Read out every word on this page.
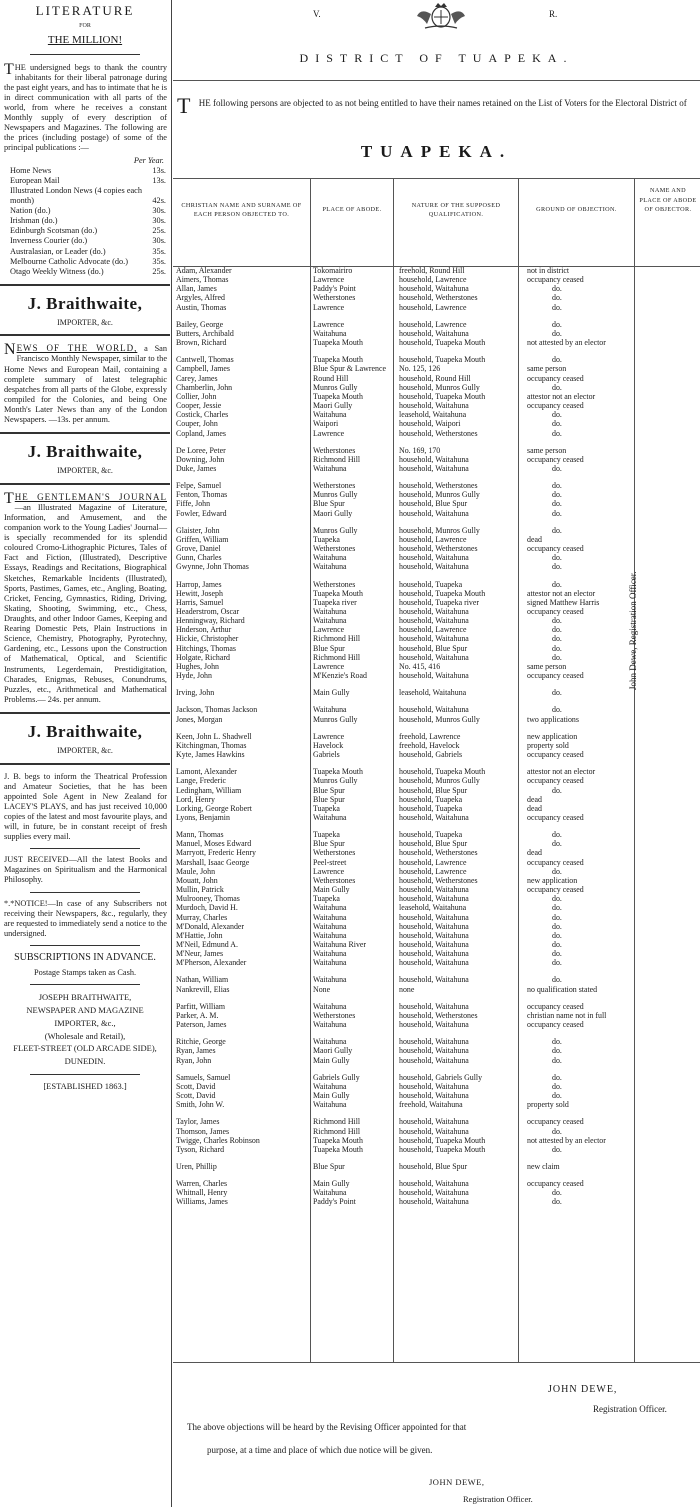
LITERATURE
FOR
THE MILLION!
THE undersigned begs to thank the country inhabitants for their liberal patronage during the past eight years, and has to intimate that he is in direct communication with all parts of the world, from where he receives a constant Monthly supply of every description of Newspapers and Magazines. The following are the prices (including postage) of some of the principal publications :—
Per Year.
Home News	13s.
European Mail	13s.
Illustrated London News (4 copies each month)	42s.
Nation (do.)	30s.
Irishman (do.)	30s.
Edinburgh Scotsman (do.)	25s.
Inverness Courier (do.)	30s.
Australasian, or Leader (do.)	35s.
Melbourne Catholic Advocate (do.)	35s.
Otago Weekly Witness (do.)	25s.
J. Braithwaite,
IMPORTER, &c.
NEWS OF THE WORLD, a San Francisco Monthly Newspaper, similar to the Home News and European Mail, containing a complete summary of latest telegraphic despatches from all parts of the Globe, expressly compiled for the Colonies, and being One Month's Later News than any of the London Newspapers. —13s. per annum.
J. Braithwaite,
IMPORTER, &c.
THE GENTLEMAN'S JOURNAL —an Illustrated Magazine of Literature, Information, and Amusement, and the companion work to the Young Ladies' Journal—is specially recommended for its splendid coloured Cromo-Lithographic Pictures, Tales of Fact and Fiction, (Illustrated), Descriptive Essays, Readings and Recitations, Biographical Sketches, Remarkable Incidents (Illustrated), Sports, Pastimes, Games, etc., Angling, Boating, Cricket, Fencing, Gymnastics, Riding, Driving, Skating, Shooting, Swimming, etc., Chess, Draughts, and other Indoor Games, Keeping and Rearing Domestic Pets, Plain Instructions in Science, Chemistry, Photography, Pyrotechny, Gardening, etc., Lessons upon the Construction of Mathematical, Optical, and Scientific Instruments, Legerdemain, Prestidigitation, Charades, Enigmas, Rebuses, Conundrums, Puzzles, etc., Arithmetical and Mathematical Problems.— 24s. per annum.
J. Braithwaite,
IMPORTER, &c.
J. B. begs to inform the Theatrical Profession and Amateur Societies, that he has been appointed Sole Agent in New Zealand for LACEY'S PLAYS, and has just received 10,000 copies of the latest and most favourite plays, and will, in future, be in constant receipt of fresh supplies every mail.
JUST RECEIVED—All the latest Books and Magazines on Spiritualism and the Harmonical Philosophy.
*.*NOTICE!—In case of any Subscribers not receiving their Newspapers, &c., regularly, they are requested to immediately send a notice to the undersigned.
SUBSCRIPTIONS IN ADVANCE.
Postage Stamps taken as Cash.
JOSEPH BRAITHWAITE,
NEWSPAPER AND MAGAZINE
IMPORTER, &c.,
(Wholesale and Retail),
FLEET-STREET (OLD ARCADE SIDE),
DUNEDIN.
[ESTABLISHED 1863.]
V.	R.
DISTRICT OF TUAPEKA.
THE following persons are objected to as not being entitled to have their names retained on the List of Voters for the Electoral District of
TUAPEKA.
CHRISTIAN NAME AND SURNAME OF EACH PERSON OBJECTED TO.
PLACE OF ABODE.
NATURE OF THE SUPPOSED QUALIFICATION.
GROUND OF OBJECTION.
NAME AND PLACE OF ABODE OF OBJECTOR.
Adam, Alexander	Tokomairiro	freehold, Round Hill	not in district
Aimers, Thomas	Lawrence	household, Lawrence	occupancy ceased
Allan, James	Paddy's Point	household, Waitahuna	do.
Argyles, Alfred	Wetherstones	household, Wetherstones	do.
Austin, Thomas	Lawrence	household, Lawrence	do.
Bailey, George	Lawrence	household, Lawrence	do.
Butters, Archibald	Waitahuna	household, Waitahuna	do.
Brown, Richard	Tuapeka Mouth	household, Tuapeka Mouth	not attested by an elector
Cantwell, Thomas	Tuapeka Mouth	household, Tuapeka Mouth	do.
Campbell, James	Blue Spur & Lawrence	No. 125, 126	same person
Carey, James	Round Hill	household, Round Hill	occupancy ceased
Chamberlin, John	Munros Gully	household, Munros Gully	do.
Collier, John	Tuapeka Mouth	household, Tuapeka Mouth	attestor not an elector
Cooper, Jessie	Maori Gully	household, Waitahuna	occupancy ceased
Costick, Charles	Waitahuna	leasehold, Waitahuna	do.
Couper, John	Waipori	household, Waipori	do.
Copland, James	Lawrence	household, Wetherstones	do.
De Loree, Peter	Wetherstones	No. 169, 170	same person
Downing, John	Richmond Hill	household, Waitahuna	occupancy ceased
Duke, James	Waitahuna	household, Waitahuna	do.
Felpe, Samuel	Wetherstones	household, Wetherstones	do.
Fenton, Thomas	Munros Gully	household, Munros Gully	do.
Fiffe, John	Blue Spur	household, Blue Spur	do.
Fowler, Edward	Maori Gully	household, Waitahuna	do.
Glaister, John	Munros Gully	household, Munros Gully	do.
Griffen, William	Tuapeka	household, Lawrence	dead
Grove, Daniel	Wetherstones	household, Wetherstones	occupancy ceased
Gunn, Charles	Waitahuna	household, Waitahuna	do.
Gwynne, John Thomas	Waitahuna	household, Waitahuna	do.
Harrop, James	Wetherstones	household, Tuapeka	do.
Hewitt, Joseph	Tuapeka Mouth	household, Tuapeka Mouth	attestor not an elector
Harris, Samuel	Tuapeka river	household, Tuapeka river	signed Matthew Harris
Headerstrom, Oscar	Waitahuna	household, Waitahuna	occupancy ceased
Henningway, Richard	Waitahuna	household, Waitahuna	do.
Hnderson, Arthur	Lawrence	household, Lawrence	do.
Hickie, Christopher	Richmond Hill	household, Waitahuna	do.
Hitchings, Thomas	Blue Spur	household, Blue Spur	do.
Holgate, Richard	Richmond Hill	household, Waitahuna	do.
Hughes, John	Lawrence	No. 415, 416	same person
Hyde, John	M'Kenzie's Road	household, Waitahuna	occupancy ceased
Irving, John	Main Gully	leasehold, Waitahuna	do.
Jackson, Thomas Jackson	Waitahuna	household, Waitahuna	do.
Jones, Morgan	Munros Gully	household, Munros Gully	two applications
Keen, John L. Shadwell	Lawrence	freehold, Lawrence	new application
Kitchingman, Thomas	Havelock	freehold, Havelock	property sold
Kyte, James Hawkins	Gabriels	household, Gabriels	occupancy ceased
Lamont, Alexander	Tuapeka Mouth	household, Tuapeka Mouth	attestor not an elector
Lange, Frederic	Munros Gully	household, Munros Gully	occupancy ceased
Ledingham, William	Blue Spur	household, Blue Spur	do.
Lord, Henry	Blue Spur	household, Tuapeka	dead
Lorking, George Robert	Tuapeka	household, Tuapeka	dead
Lyons, Benjamin	Waitahuna	household, Waitahuna	occupancy ceased
Mann, Thomas	Tuapeka	household, Tuapeka	do.
Manuel, Moses Edward	Blue Spur	household, Blue Spur	do.
Marryott, Frederic Henry	Wetherstones	household, Wetherstones	dead
Marshall, Isaac George	Peel-street	household, Lawrence	occupancy ceased
Maule, John	Lawrence	household, Lawrence	do.
Mouatt, John	Wetherstones	household, Wetherstones	new application
Mullin, Patrick	Main Gully	household, Waitahuna	occupancy ceased
Mulrooney, Thomas	Tuapeka	household, Waitahuna	do.
Murdoch, David H.	Waitahuna	leasehold, Waitahuna	do.
Murray, Charles	Waitahuna	household, Waitahuna	do.
M'Donald, Alexander	Waitahuna	household, Waitahuna	do.
M'Hattie, John	Waitahuna	household, Waitahuna	do.
M'Neil, Edmund A.	Waitahuna River	household, Waitahuna	do.
M'Neur, James	Waitahuna	household, Waitahuna	do.
M'Pherson, Alexander	Waitahuna	household, Waitahuna	do.
Nathan, William	Waitahuna	household, Waitahuna	do.
Nankrevill, Elias	None	none	no qualification stated
Parfitt, William	Waitahuna	household, Waitahuna	occupancy ceased
Parker, A. M.	Wetherstones	household, Wetherstones	christian name not in full
Paterson, James	Waitahuna	household, Waitahuna	occupancy ceased
Ritchie, George	Waitahuna	household, Waitahuna	do.
Ryan, James	Maori Gully	household, Waitahuna	do.
Ryan, John	Main Gully	household, Waitahuna	do.
Samuels, Samuel	Gabriels Gully	household, Gabriels Gully	do.
Scott, David	Waitahuna	household, Waitahuna	do.
Scott, David	Main Gully	household, Waitahuna	do.
Smith, John W.	Waitahuna	freehold, Waitahuna	property sold
Taylor, James	Richmond Hill	household, Waitahuna	occupancy ceased
Thomson, James	Richmond Hill	household, Waitahuna	do.
Twigge, Charles Robinson	Tuapeka Mouth	household, Tuapeka Mouth	not attested by an elector
Tyson, Richard	Tuapeka Mouth	household, Tuapeka Mouth	do.
Uren, Phillip	Blue Spur	household, Blue Spur	new claim
Warren, Charles	Main Gully	household, Waitahuna	occupancy ceased
Whitnall, Henry	Waitahuna	household, Waitahuna	do.
Williams, James	Paddy's Point	household, Waitahuna	do.
John Dewe, Registration Officer.
JOHN DEWE,
Registration Officer.
The above objections will be heard by the Revising Officer appointed for that
purpose, at a time and place of which due notice will be given.
JOHN DEWE,
Registration Officer.
